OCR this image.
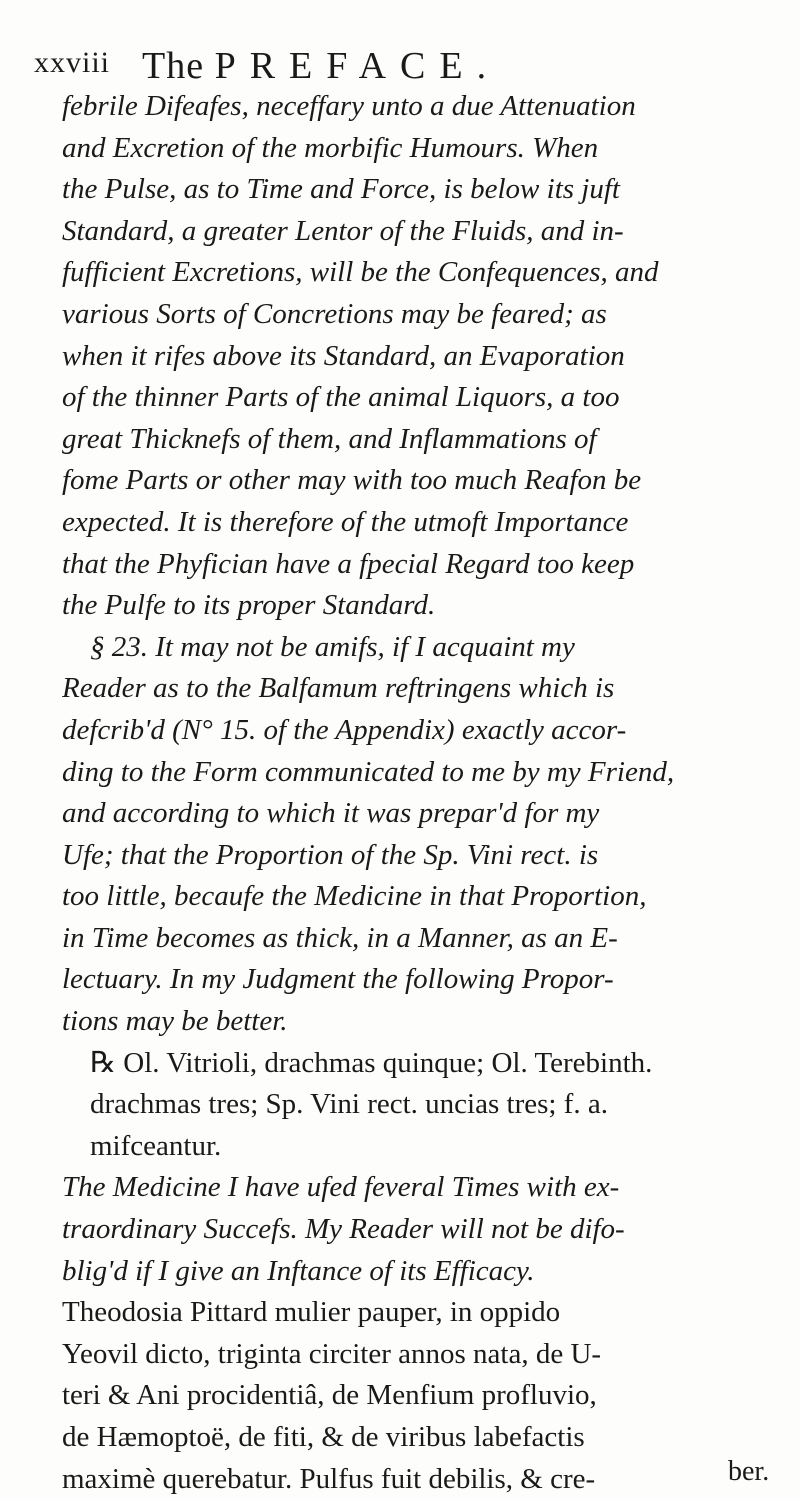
xxviii The PREFACE.
febrile Difeafes, neceffary unto a due Attenuation
and Excretion of the morbific Humours. When
the Pulse, as to Time and Force, is below its juft
Standard, a greater Lentor of the Fluids, and in-
fufficient Excretions, will be the Confequences, and
various Sorts of Concretions may be feared; as
when it rifes above its Standard, an Evaporation
of the thinner Parts of the animal Liquors, a too
great Thicknefs of them, and Inflammations of
fome Parts or other may with too much Reafon be
expected. It is therefore of the utmoft Importance
that the Phyfician have a fpecial Regard too keep
the Pulfe to its proper Standard.
§ 23. It may not be amifs, if I acquaint my
Reader as to the Balfamum reftringens which is
defcrib'd (N° 15. of the Appendix) exactly accor-
ding to the Form communicated to me by my Friend,
and according to which it was prepar'd for my
Ufe; that the Proportion of the Sp. Vini rect. is
too little, becaufe the Medicine in that Proportion,
in Time becomes as thick, in a Manner, as an E-
lectuary. In my Judgment the following Propor-
tions may be better.
℞ Ol. Vitrioli, drachmas quinque; Ol. Terebinth.
drachmas tres; Sp. Vini rect. uncias tres; f. a.
mifceantur.
The Medicine I have ufed feveral Times with ex-
traordinary Succefs. My Reader will not be difo-
blig'd if I give an Inftance of its Efficacy.
Theodosia Pittard mulier pauper, in oppido
Yeovil dicto, triginta circiter annos nata, de U-
teri & Ani procidentiâ, de Menfium profluvio,
de Hæmoptoë, de fiti, & de viribus labefactis
maximè querebatur. Pulfus fuit debilis, & cre-	ber.
